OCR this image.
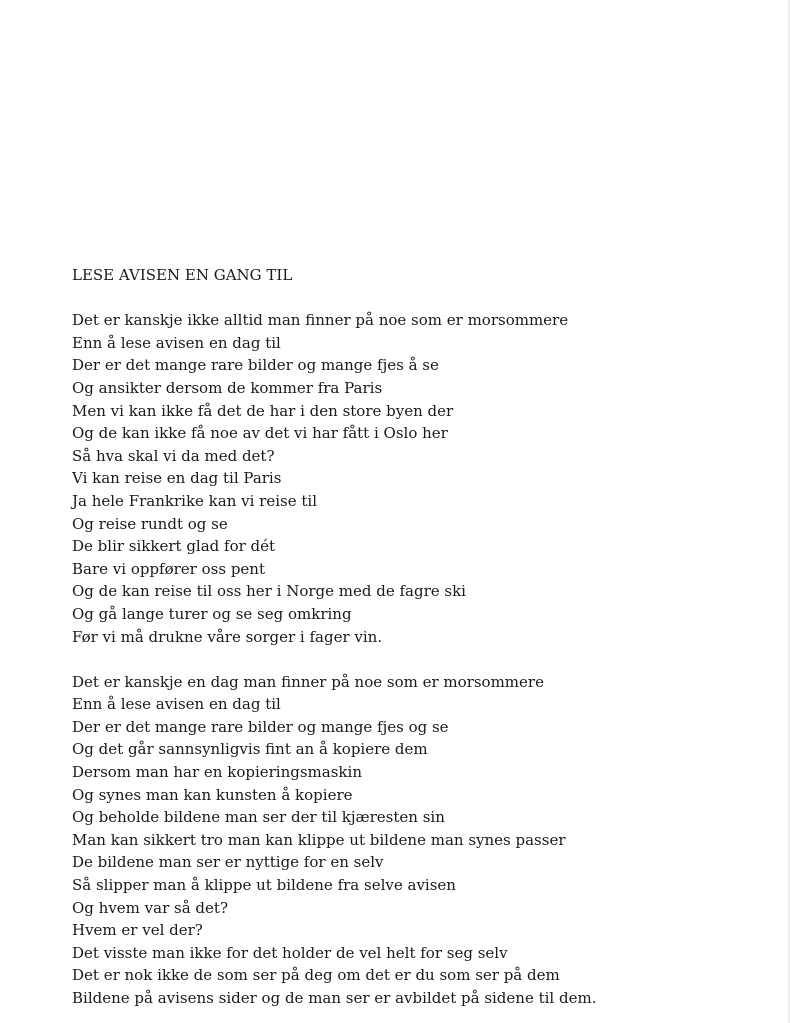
LESE AVISEN EN GANG TIL
Det er kanskje ikke alltid man finner på noe som er morsommere
Enn å lese avisen en dag til
Der er det mange rare bilder og mange fjes å se
Og ansikter dersom de kommer fra Paris
Men vi kan ikke få det de har i den store byen der
Og de kan ikke få noe av det vi har fått i Oslo her
Så hva skal vi da med det?
Vi kan reise en dag til Paris
Ja hele Frankrike kan vi reise til
Og reise rundt og se
De blir sikkert glad for dét
Bare vi oppfører oss pent
Og de kan reise til oss her i Norge med de fagre ski
Og gå lange turer og se seg omkring
Før vi må drukne våre sorger i fager vin.
Det er kanskje en dag man finner på noe som er morsommere
Enn å lese avisen en dag til
Der er det mange rare bilder og mange fjes og se
Og det går sannsynligvis fint an å kopiere dem
Dersom man har en kopieringsmaskin
Og synes man kan kunsten å kopiere
Og beholde bildene man ser der til kjæresten sin
Man kan sikkert tro man kan klippe ut bildene man synes passer
De bildene man ser er nyttige for en selv
Så slipper man å klippe ut bildene fra selve avisen
Og hvem var så det?
Hvem er vel der?
Det visste man ikke for det holder de vel helt for seg selv
Det er nok ikke de som ser på deg om det er du som ser på dem
Bildene på avisens sider og de man ser er avbildet på sidene til dem.
